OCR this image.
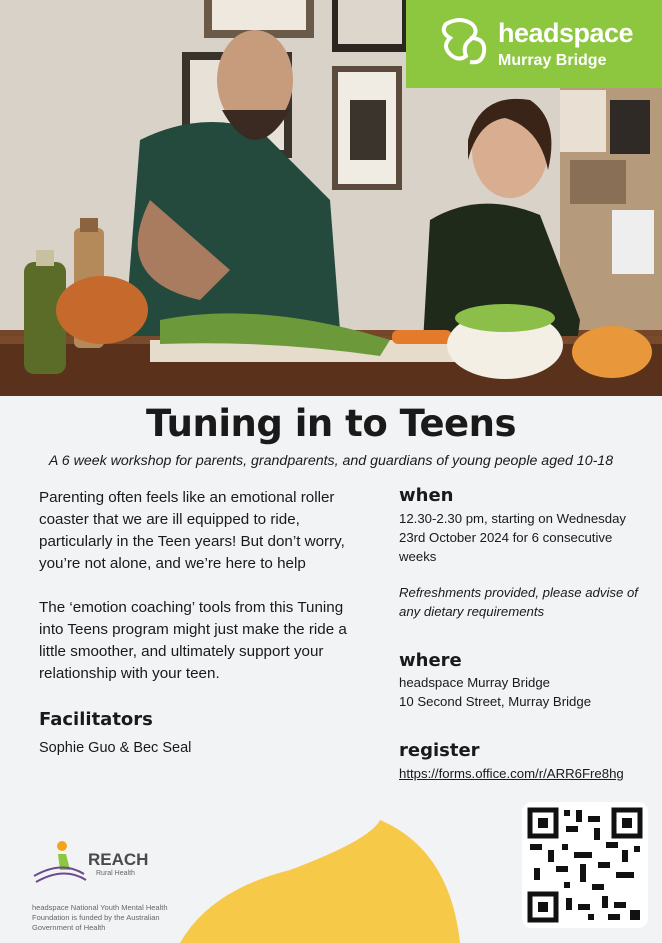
headspace
Murray Bridge
Tuning in to Teens
A 6 week workshop for parents, grandparents, and guardians of young people aged 10-18

Parenting often feels like an emotional roller coaster that we are ill equipped to ride, particularly in the Teen years! But don’t worry, you’re not alone, and we’re here to help

The ‘emotion coaching’ tools from this Tuning into Teens program might just make the ride a little smoother, and ultimately support your relationship with your teen.

Facilitators
Sophie Guo & Bec Seal
when
12.30-2.30 pm, starting on Wednesday 23rd October 2024 for 6 consecutive weeks
Refreshments provided, please advise of any dietary requirements
where
headspace Murray Bridge
10 Second Street, Murray Bridge
register
https://forms.office.com/r/ARR6Fre8hg
REACH
Rural Health
headspace National Youth Mental Health Foundation is funded by the Australian Government of Health
